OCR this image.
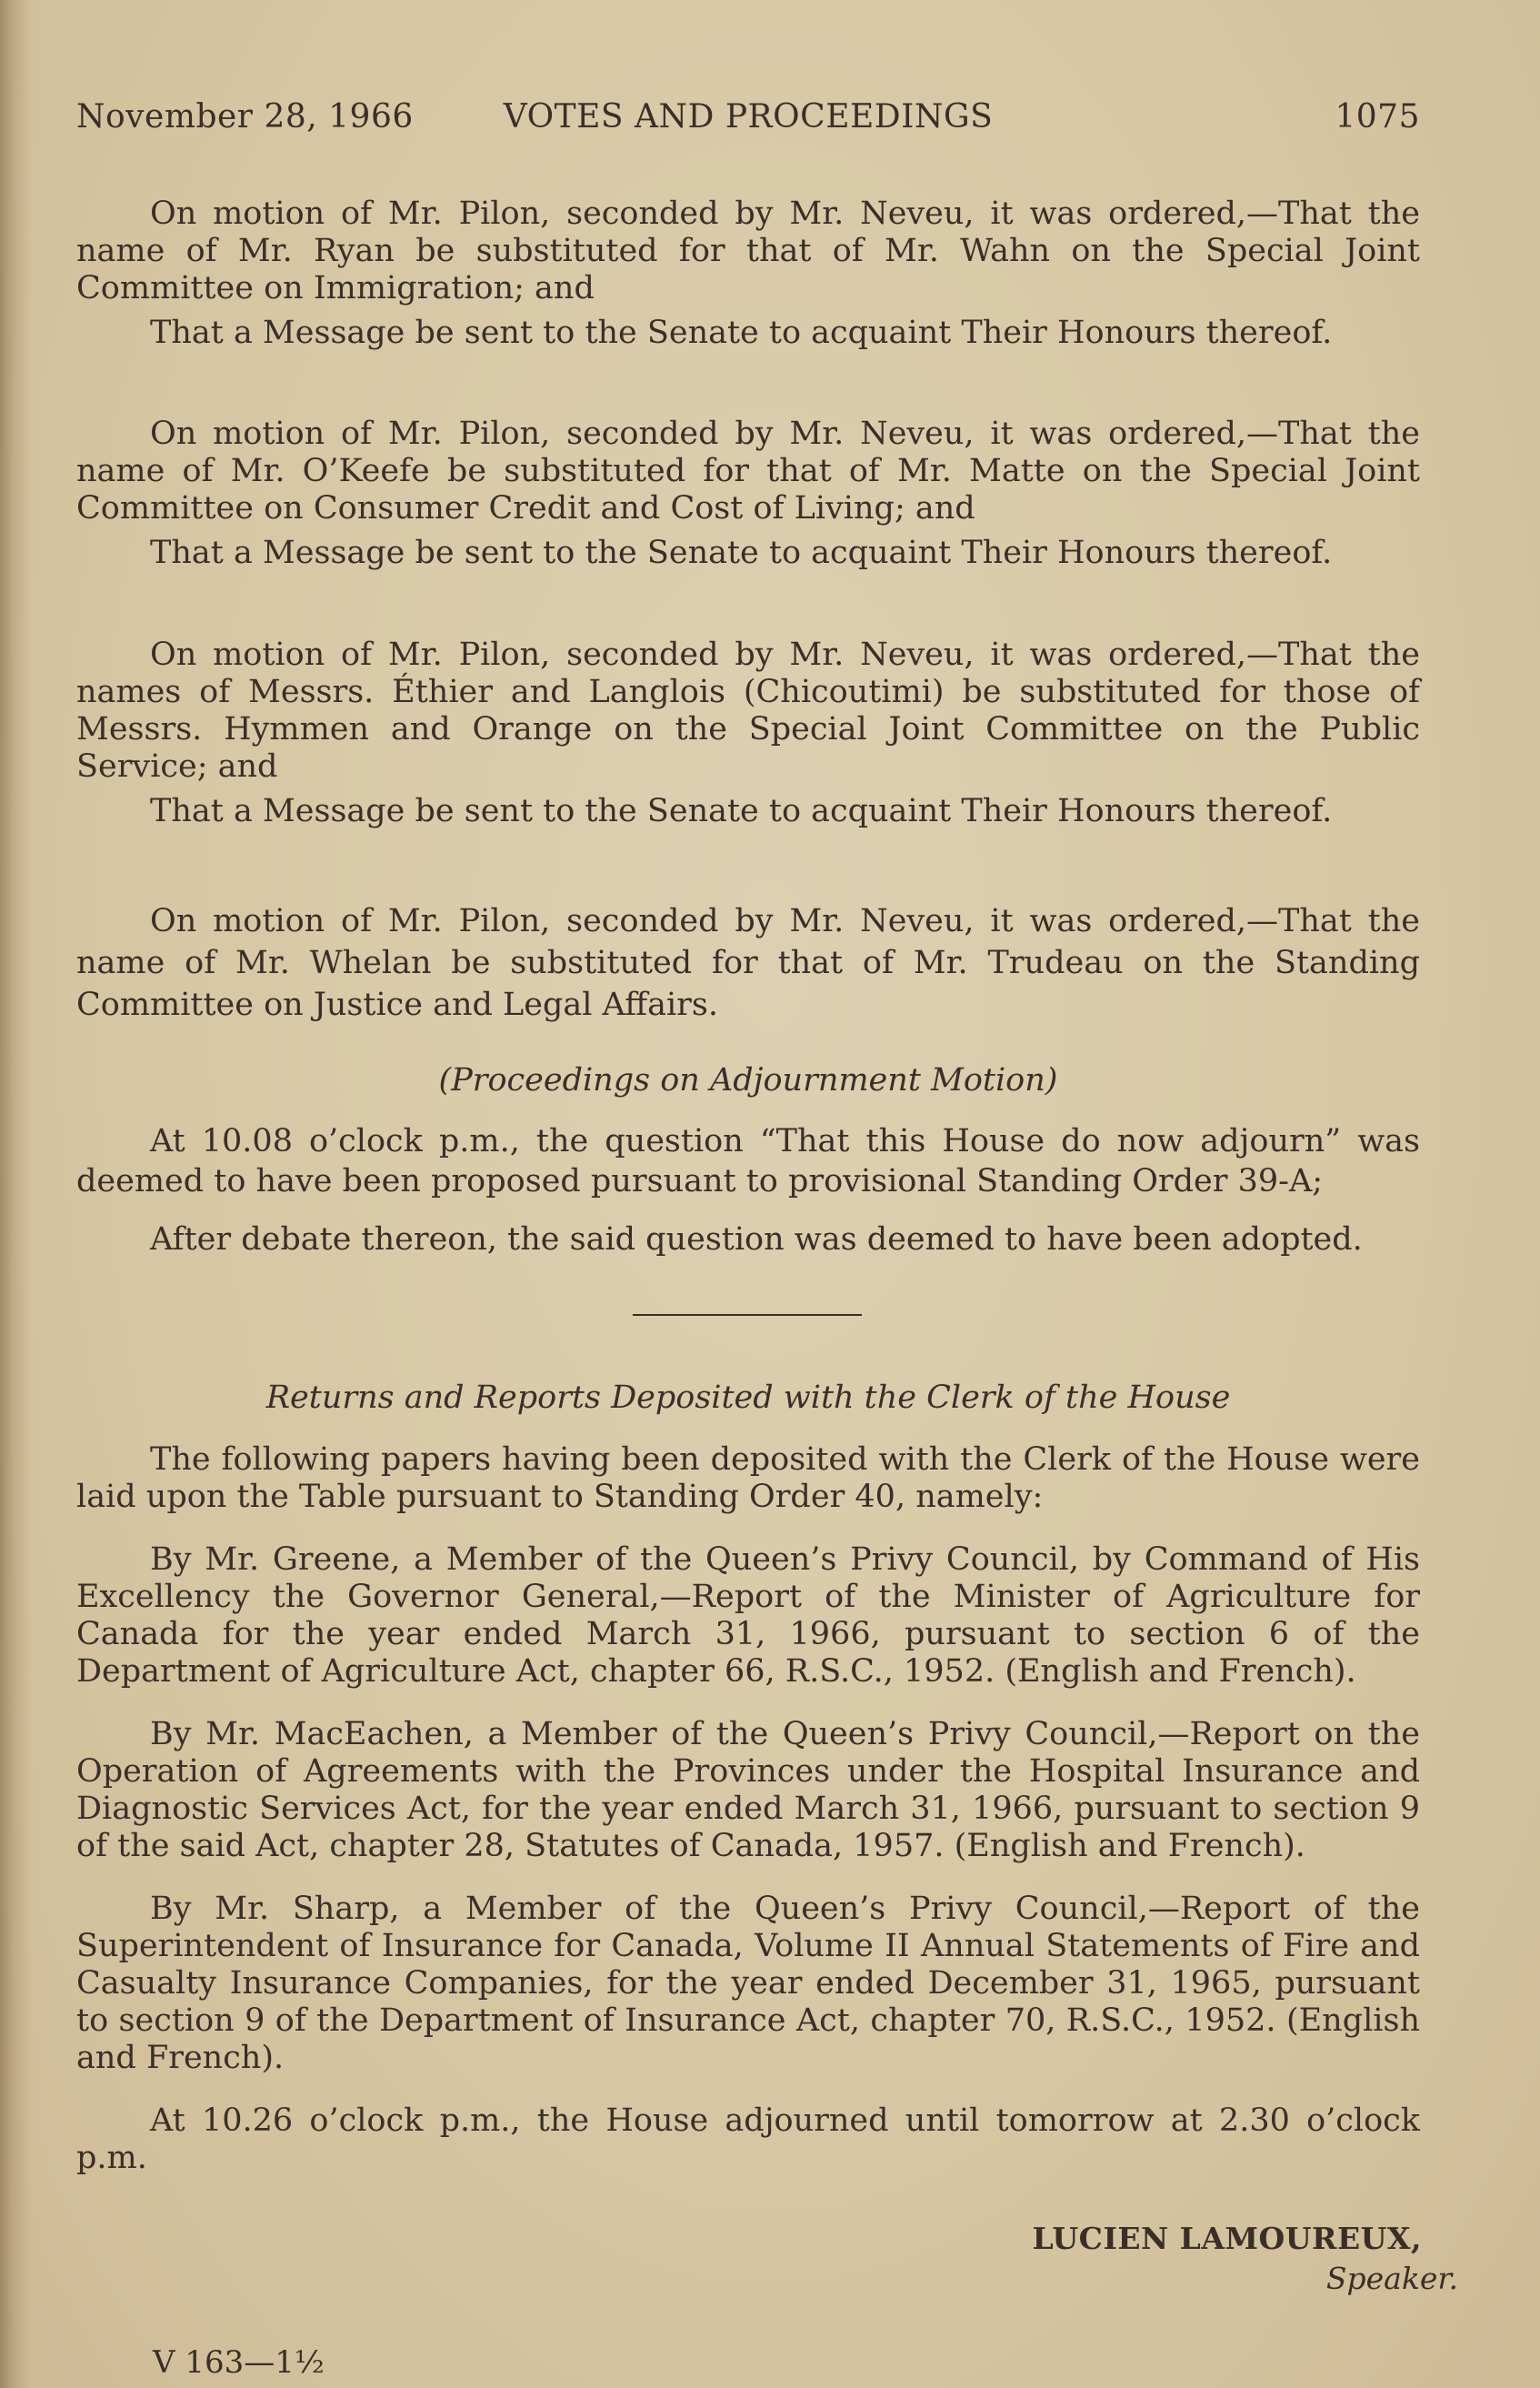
November 28, 1966	VOTES AND PROCEEDINGS	1075

On motion of Mr. Pilon, seconded by Mr. Neveu, it was ordered,—That the name of Mr. Ryan be substituted for that of Mr. Wahn on the Special Joint Committee on Immigration; and

That a Message be sent to the Senate to acquaint Their Honours thereof.

On motion of Mr. Pilon, seconded by Mr. Neveu, it was ordered,—That the name of Mr. O’Keefe be substituted for that of Mr. Matte on the Special Joint Committee on Consumer Credit and Cost of Living; and

That a Message be sent to the Senate to acquaint Their Honours thereof.

On motion of Mr. Pilon, seconded by Mr. Neveu, it was ordered,—That the names of Messrs. Éthier and Langlois (Chicoutimi) be substituted for those of Messrs. Hymmen and Orange on the Special Joint Committee on the Public Service; and

That a Message be sent to the Senate to acquaint Their Honours thereof.

On motion of Mr. Pilon, seconded by Mr. Neveu, it was ordered,—That the name of Mr. Whelan be substituted for that of Mr. Trudeau on the Standing Committee on Justice and Legal Affairs.

(Proceedings on Adjournment Motion)

At 10.08 o’clock p.m., the question “That this House do now adjourn” was deemed to have been proposed pursuant to provisional Standing Order 39-A;

After debate thereon, the said question was deemed to have been adopted.

Returns and Reports Deposited with the Clerk of the House

The following papers having been deposited with the Clerk of the House were laid upon the Table pursuant to Standing Order 40, namely:

By Mr. Greene, a Member of the Queen’s Privy Council, by Command of His Excellency the Governor General,—Report of the Minister of Agriculture for Canada for the year ended March 31, 1966, pursuant to section 6 of the Department of Agriculture Act, chapter 66, R.S.C., 1952. (English and French).

By Mr. MacEachen, a Member of the Queen’s Privy Council,—Report on the Operation of Agreements with the Provinces under the Hospital Insurance and Diagnostic Services Act, for the year ended March 31, 1966, pursuant to section 9 of the said Act, chapter 28, Statutes of Canada, 1957. (English and French).

By Mr. Sharp, a Member of the Queen’s Privy Council,—Report of the Superintendent of Insurance for Canada, Volume II Annual Statements of Fire and Casualty Insurance Companies, for the year ended December 31, 1965, pursuant to section 9 of the Department of Insurance Act, chapter 70, R.S.C., 1952. (English and French).

At 10.26 o’clock p.m., the House adjourned until tomorrow at 2.30 o’clock p.m.

V 163—1½
LUCIEN LAMOUREUX,
Speaker.
